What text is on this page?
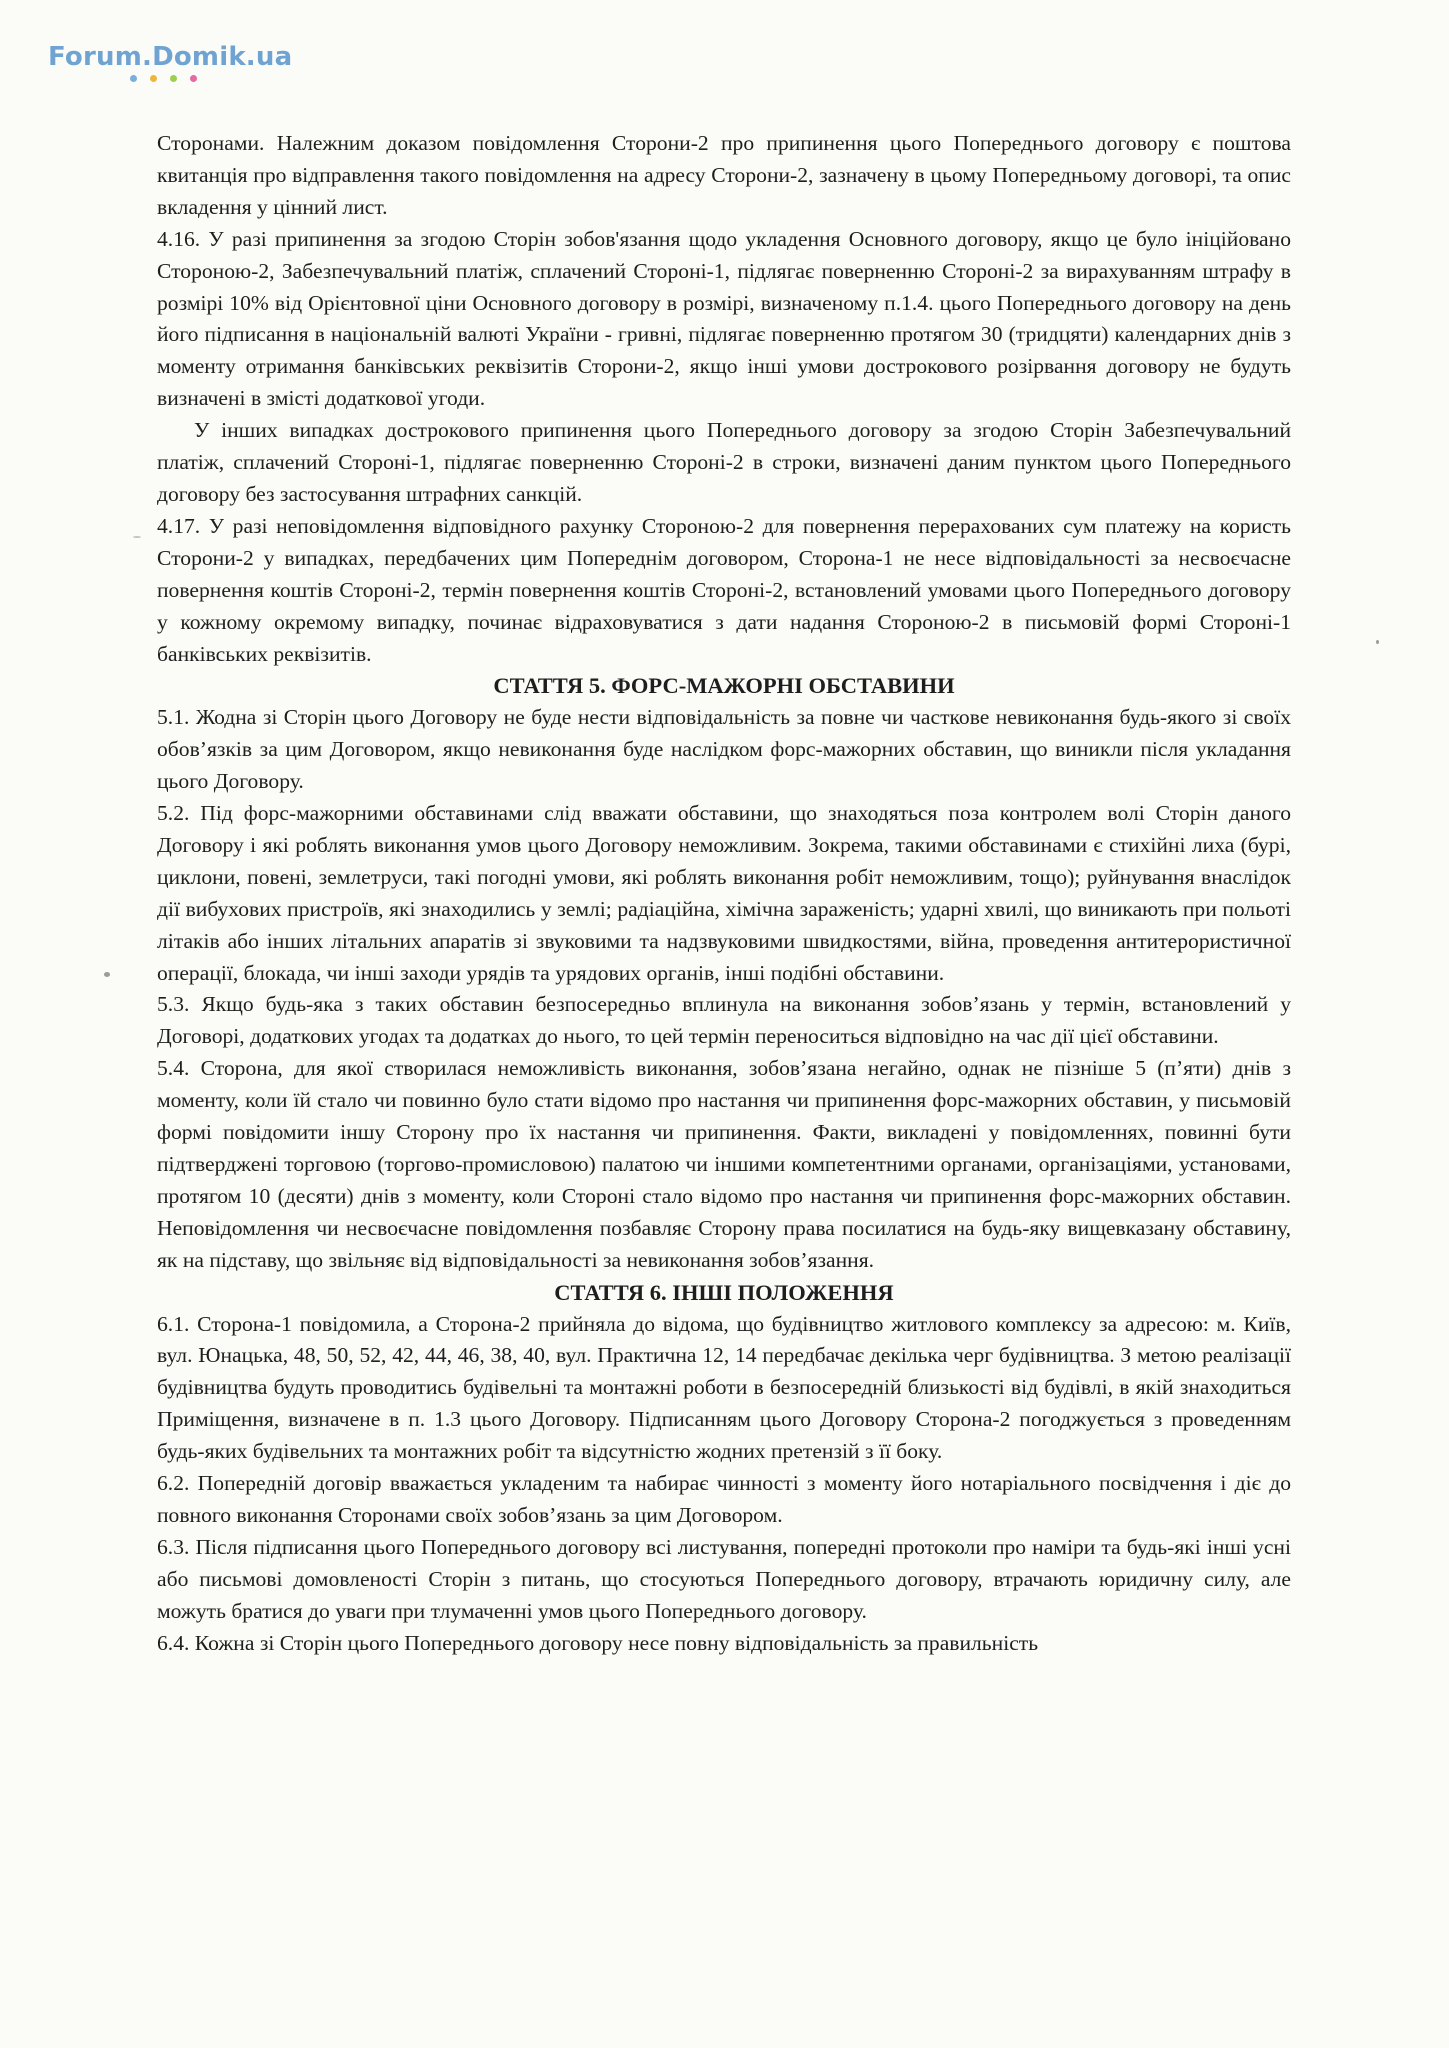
Forum.Domik.ua

Сторонами. Належним доказом повідомлення Сторони-2 про припинення цього Попереднього договору є поштова квитанція про відправлення такого повідомлення на адресу Сторони-2, зазначену в цьому Попередньому договорі, та опис вкладення у цінний лист.

4.16. У разі припинення за згодою Сторін зобов'язання щодо укладення Основного договору, якщо це було ініційовано Стороною-2, Забезпечувальний платіж, сплачений Стороні-1, підлягає поверненню Стороні-2 за вирахуванням штрафу в розмірі 10% від Орієнтовної ціни Основного договору в розмірі, визначеному п.1.4. цього Попереднього договору на день його підписання в національній валюті України - гривні, підлягає поверненню протягом 30 (тридцяти) календарних днів з моменту отримання банківських реквізитів Сторони-2, якщо інші умови дострокового розірвання договору не будуть визначені в змісті додаткової угоди.

У інших випадках дострокового припинення цього Попереднього договору за згодою Сторін Забезпечувальний платіж, сплачений Стороні-1, підлягає поверненню Стороні-2 в строки, визначені даним пунктом цього Попереднього договору без застосування штрафних санкцій.

4.17. У разі неповідомлення відповідного рахунку Стороною-2 для повернення перерахованих сум платежу на користь Сторони-2 у випадках, передбачених цим Попереднім договором, Сторона-1 не несе відповідальності за несвоєчасне повернення коштів Стороні-2, термін повернення коштів Стороні-2, встановлений умовами цього Попереднього договору у кожному окремому випадку, починає відраховуватися з дати надання Стороною-2 в письмовій формі Стороні-1 банківських реквізитів.

СТАТТЯ 5. ФОРС-МАЖОРНІ ОБСТАВИНИ

5.1. Жодна зі Сторін цього Договору не буде нести відповідальність за повне чи часткове невиконання будь-якого зі своїх обов’язків за цим Договором, якщо невиконання буде наслідком форс-мажорних обставин, що виникли після укладання цього Договору.

5.2. Під форс-мажорними обставинами слід вважати обставини, що знаходяться поза контролем волі Сторін даного Договору і які роблять виконання умов цього Договору неможливим. Зокрема, такими обставинами є стихійні лиха (бурі, циклони, повені, землетруси, такі погодні умови, які роблять виконання робіт неможливим, тощо); руйнування внаслідок дії вибухових пристроїв, які знаходились у землі; радіаційна, хімічна зараженість; ударні хвилі, що виникають при польоті літаків або інших літальних апаратів зі звуковими та надзвуковими швидкостями, війна, проведення антитерористичної операції, блокада, чи інші заходи урядів та урядових органів, інші подібні обставини.

5.3. Якщо будь-яка з таких обставин безпосередньо вплинула на виконання зобов’язань у термін, встановлений у Договорі, додаткових угодах та додатках до нього, то цей термін переноситься відповідно на час дії цієї обставини.

5.4. Сторона, для якої створилася неможливість виконання, зобов’язана негайно, однак не пізніше 5 (п’яти) днів з моменту, коли їй стало чи повинно було стати відомо про настання чи припинення форс-мажорних обставин, у письмовій формі повідомити іншу Сторону про їх настання чи припинення. Факти, викладені у повідомленнях, повинні бути підтверджені торговою (торгово-промисловою) палатою чи іншими компетентними органами, організаціями, установами, протягом 10 (десяти) днів з моменту, коли Стороні стало відомо про настання чи припинення форс-мажорних обставин. Неповідомлення чи несвоєчасне повідомлення позбавляє Сторону права посилатися на будь-яку вищевказану обставину, як на підставу, що звільняє від відповідальності за невиконання зобов’язання.

СТАТТЯ 6. ІНШІ ПОЛОЖЕННЯ

6.1. Сторона-1 повідомила, а Сторона-2 прийняла до відома, що будівництво житлового комплексу за адресою: м. Київ, вул. Юнацька, 48, 50, 52, 42, 44, 46, 38, 40, вул. Практична 12, 14 передбачає декілька черг будівництва. З метою реалізації будівництва будуть проводитись будівельні та монтажні роботи в безпосередній близькості від будівлі, в якій знаходиться Приміщення, визначене в п. 1.3 цього Договору. Підписанням цього Договору Сторона-2 погоджується з проведенням будь-яких будівельних та монтажних робіт та відсутністю жодних претензій з її боку.

6.2. Попередній договір вважається укладеним та набирає чинності з моменту його нотаріального посвідчення і діє до повного виконання Сторонами своїх зобов’язань за цим Договором.

6.3. Після підписання цього Попереднього договору всі листування, попередні протоколи про наміри та будь-які інші усні або письмові домовленості Сторін з питань, що стосуються Попереднього договору, втрачають юридичну силу, але можуть братися до уваги при тлумаченні умов цього Попереднього договору.

6.4. Кожна зі Сторін цього Попереднього договору несе повну відповідальність за правильність
